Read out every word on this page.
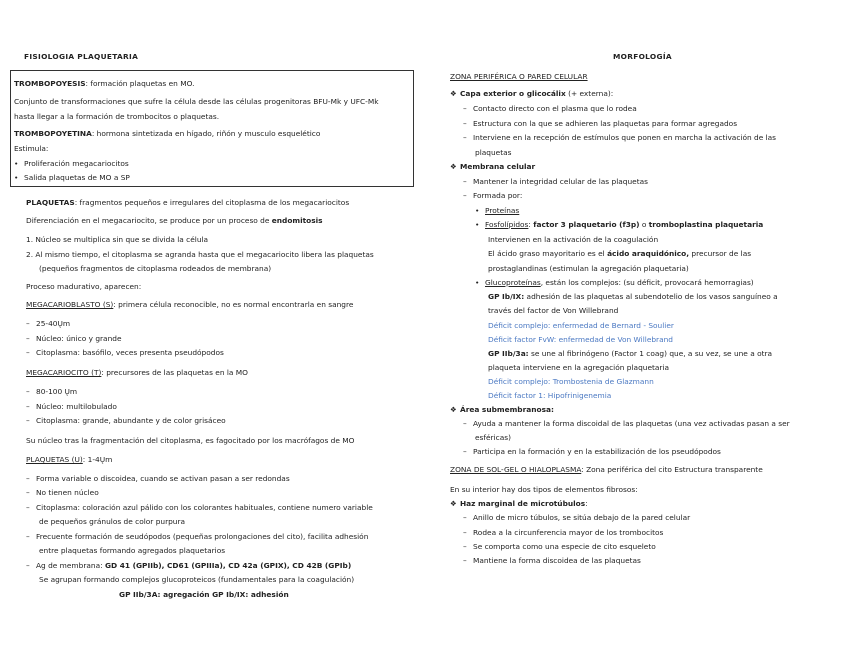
FISIOLOGIA PLAQUETARIA
TROMBOPOYESIS: formación plaquetas en MO.
Conjunto de transformaciones que sufre la célula desde las células progenitoras BFU-Mk y UFC-Mk
hasta llegar a la formación de trombocitos o plaquetas.
TROMBOPOYETINA: hormona sintetizada en hígado, riñón y musculo esquelético
Estimula:
• Proliferación megacariocitos
• Salida plaquetas de MO a SP
PLAQUETAS: fragmentos pequeños e irregulares del citoplasma de los megacariocitos
Diferenciación en el megacariocito, se produce por un proceso de endomitosis
1. Núcleo se multiplica sin que se divida la célula
2. Al mismo tiempo, el citoplasma se agranda hasta que el megacariocito libera las plaquetas
(pequeños fragmentos de citoplasma rodeados de membrana)
Proceso madurativo, aparecen:
MEGACARIOBLASTO (S): primera célula reconocible, no es normal encontrarla en sangre
– 25-40Ųm
– Núcleo: único y grande
– Citoplasma: basófilo, veces presenta pseudópodos
MEGACARIOCITO (T): precursores de las plaquetas en la MO
– 80-100 Ųm
– Núcleo: multilobulado
– Citoplasma: grande, abundante y de color grisáceo
Su núcleo tras la fragmentación del citoplasma, es fagocitado por los macrófagos de MO
PLAQUETAS (U): 1-4Ųm
– Forma variable o discoidea, cuando se activan pasan a ser redondas
– No tienen núcleo
– Citoplasma: coloración azul pálido con los colorantes habituales, contiene numero variable
de pequeños gránulos de color purpura
– Frecuente formación de seudópodos (pequeñas prolongaciones del cito), facilita adhesión
entre plaquetas formando agregados plaquetarios
– Ag de membrana: GD 41 (GPIIb), CD61 (GPIIIa), CD 42a (GPIX), CD 42B (GPIb)
Se agrupan formando complejos glucoproteicos (fundamentales para la coagulación)
GP IIb/3A: agregación GP Ib/IX: adhesión
MORFOLOGÍA
ZONA PERIFÉRICA O PARED CELULAR
❖ Capa exterior o glicocálix (+ externa):
– Contacto directo con el plasma que lo rodea
– Estructura con la que se adhieren las plaquetas para formar agregados
– Interviene en la recepción de estímulos que ponen en marcha la activación de las
plaquetas
❖ Membrana celular
– Mantener la integridad celular de las plaquetas
– Formada por:
• Proteínas
• Fosfolípidos: factor 3 plaquetario (f3p) o tromboplastina plaquetaria
Intervienen en la activación de la coagulación
El ácido graso mayoritario es el ácido araquidónico, precursor de las
prostaglandinas (estimulan la agregación plaquetaria)
• Glucoproteínas, están los complejos: (su déficit, provocará hemorragias)
GP Ib/IX: adhesión de las plaquetas al subendotelio de los vasos sanguíneo a
través del factor de Von Willebrand
Déficit complejo: enfermedad de Bernard - Soulier
Déficit factor FvW: enfermedad de Von Willebrand
GP IIb/3a: se une al fibrinógeno (Factor 1 coag) que, a su vez, se une a otra
plaqueta interviene en la agregación plaquetaria
Déficit complejo: Trombostenia de Glazmann
Déficit factor 1: Hipofrinigenemia
❖ Área submembranosa:
– Ayuda a mantener la forma discoidal de las plaquetas (una vez activadas pasan a ser
esféricas)
– Participa en la formación y en la estabilización de los pseudópodos
ZONA DE SOL-GEL O HIALOPLASMA: Zona periférica del cito Estructura transparente
En su interior hay dos tipos de elementos fibrosos:
❖ Haz marginal de microtúbulos:
– Anillo de micro túbulos, se sitúa debajo de la pared celular
– Rodea a la circunferencia mayor de los trombocitos
– Se comporta como una especie de cito esqueleto
– Mantiene la forma discoidea de las plaquetas
